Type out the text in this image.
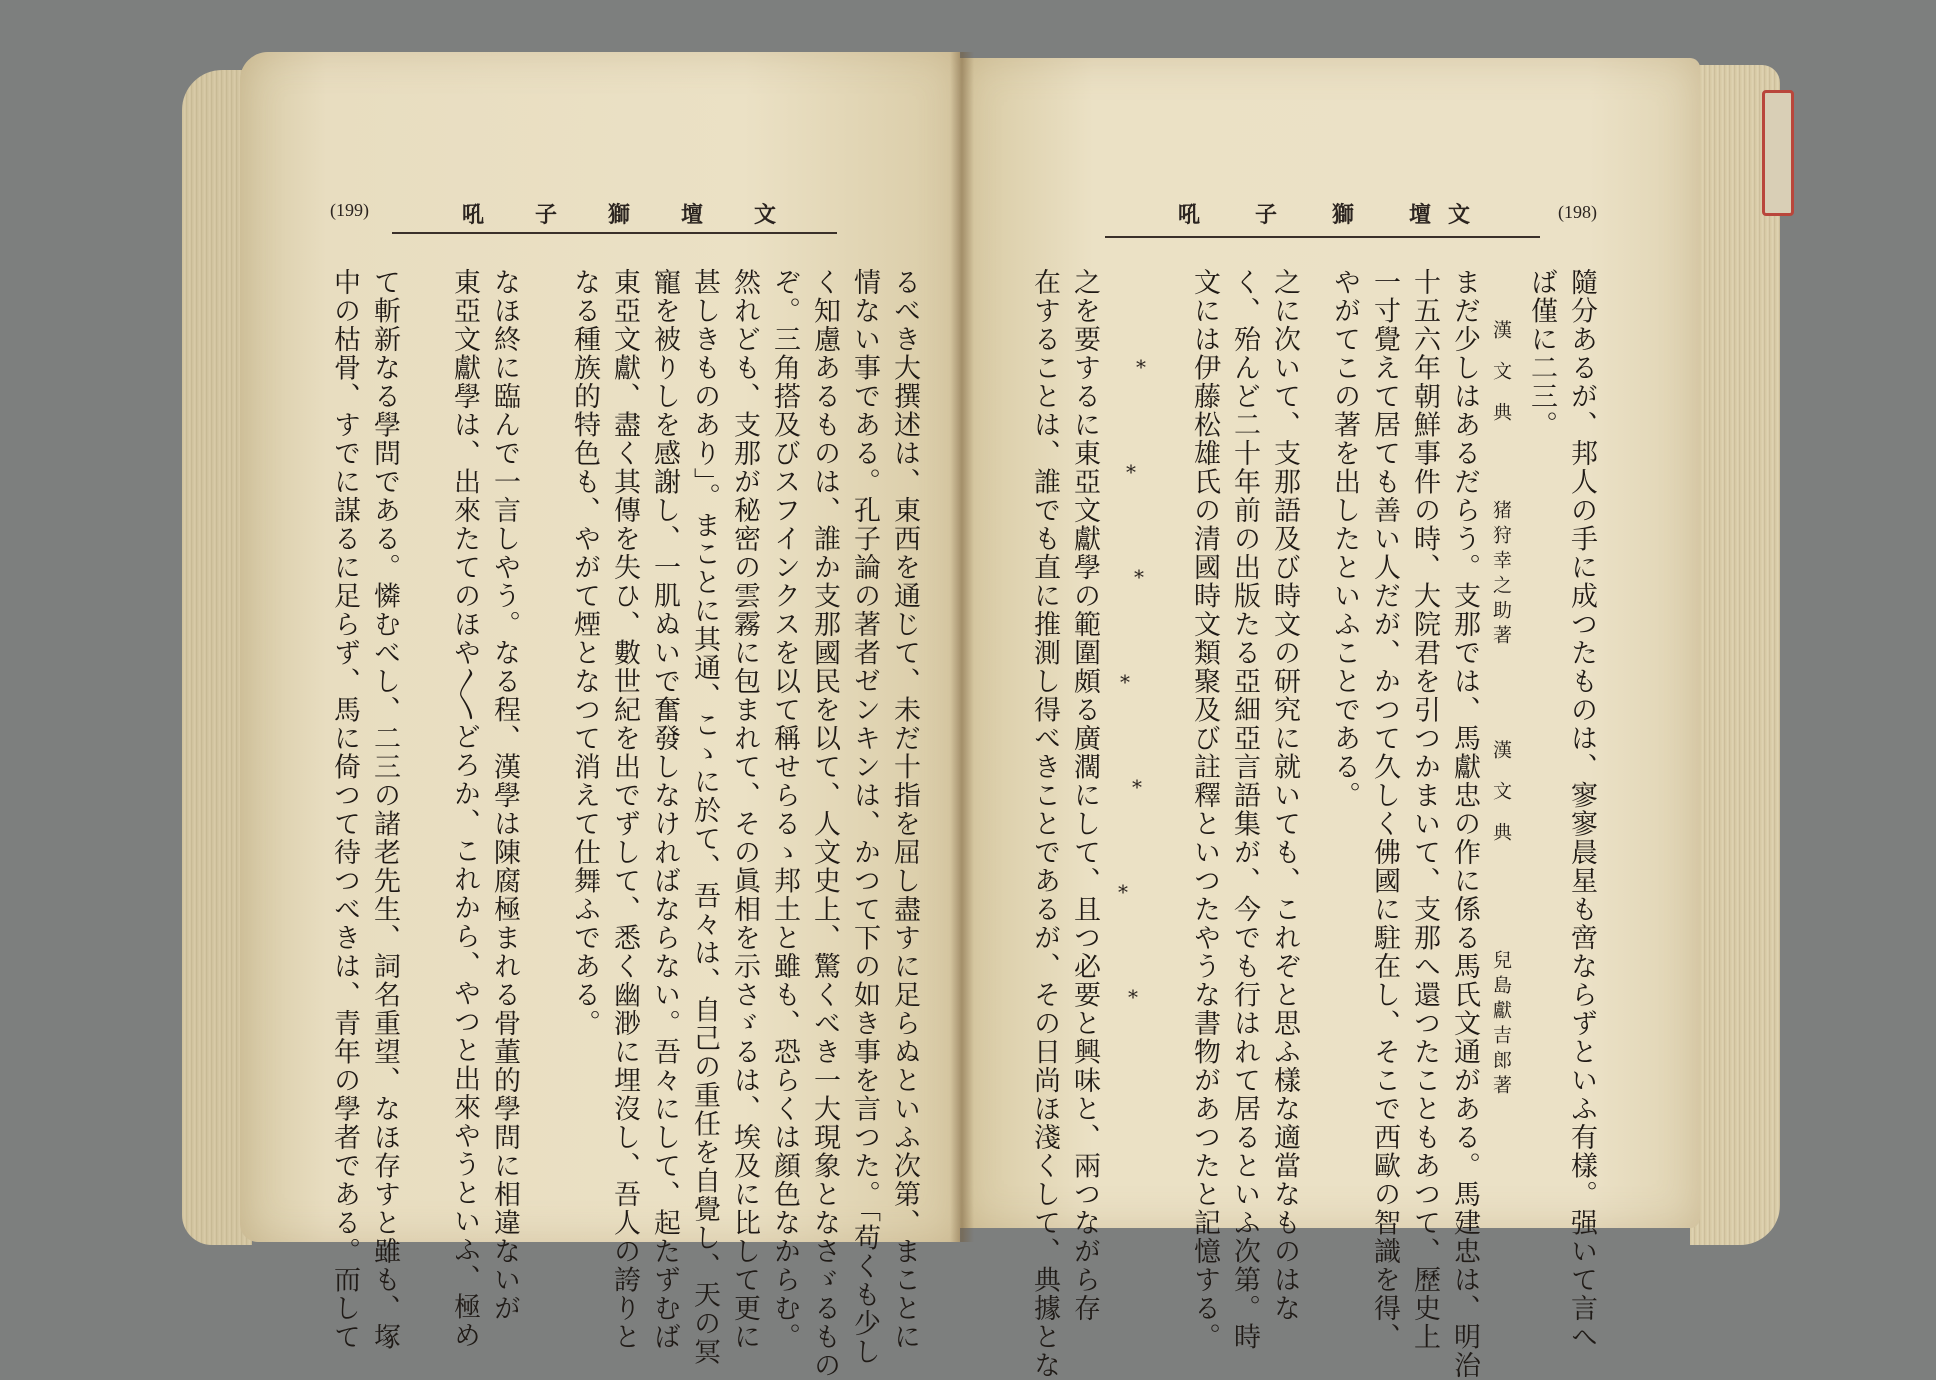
(199)	吼 子 獅 壇 文
るべき大撰述は、東西を通じて、未だ十指を屈し盡すに足らぬといふ次第、まことに
情ない事である。孔子論の著者ゼンキンは、かつて下の如き事を言つた。「苟くも少し
く知慮あるものは、誰か支那國民を以て、人文史上、驚くべき一大現象となさゞるもの
ぞ。三角搭及びスフインクスを以て稱せらるゝ邦土と雖も、恐らくは顔色なからむ。
然れども、支那が秘密の雲霧に包まれて、その眞相を示さゞるは、埃及に比して更に
甚しきものあり」。まことに其通、こゝに於て、吾々は、自己の重任を自覺し、天の冥
寵を被りしを感謝し、一肌ぬいで奮發しなければならない。吾々にして、起たずむば
東亞文獻、盡く其傳を失ひ、數世紀を出でずして、悉く幽渺に埋沒し、吾人の誇りと
なる種族的特色も、やがて煙となつて消えて仕舞ふである。
なほ終に臨んで一言しやう。なる程、漢學は陳腐極まれる骨董的學問に相違ないが
東亞文獻學は、出來たてのほや〳〵どろか、これから、やつと出來やうといふ、極め
て斬新なる學問である。憐むべし、二三の諸老先生、詞名重望、なほ存すと雖も、塚
中の枯骨、すでに謀るに足らず、馬に倚つて待つべきは、青年の學者である。而して
吼 子 獅 壇 文	(198)
隨分あるが、邦人の手に成つたものは、寥寥晨星も啻ならずといふ有樣。强いて言へ
ば僅に二三。
漢文典
猪狩幸之助著
漢文典
兒島獻吉郎著
まだ少しはあるだらう。支那では、馬獻忠の作に係る馬氏文通がある。馬建忠は、明治
十五六年朝鮮事件の時、大院君を引つかまいて、支那へ還つたこともあつて、歷史上
一寸覺えて居ても善い人だが、かつて久しく佛國に駐在し、そこで西歐の智識を得、
やがてこの著を出したといふことである。
之に次いて、支那語及び時文の研究に就いても、これぞと思ふ樣な適當なものはな
く、殆んど二十年前の出版たる亞細亞言語集が、今でも行はれて居るといふ次第。時
文には伊藤松雄氏の清國時文類聚及び註釋といつたやうな書物があつたと記憶する。
*
*
*
*
*
*
*
之を要するに東亞文獻學の範圍頗る廣濶にして、且つ必要と興味と、兩つながら存
在することは、誰でも直に推測し得べきことであるが、その日尚ほ淺くして、典據とな
